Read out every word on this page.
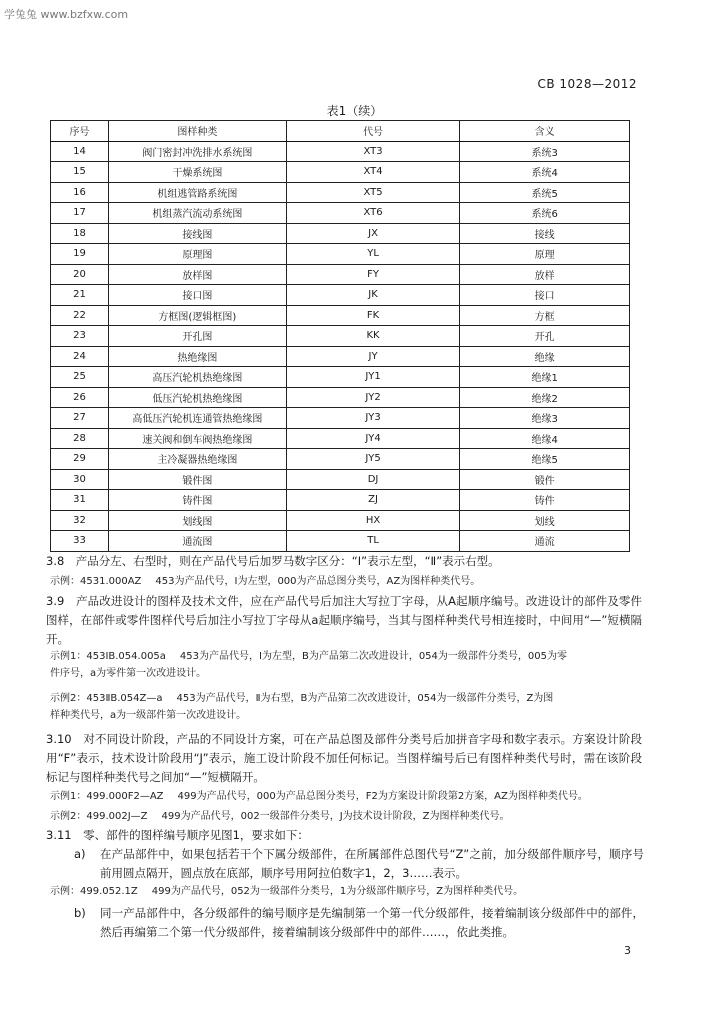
学兔兔 www.bzfxw.com
CB 1028—2012
表1（续）
序号	图样种类	代号	含义
14	阀门密封冲洗排水系统图	XT3	系统3
15	干燥系统图	XT4	系统4
16	机组逃管路系统图	XT5	系统5
17	机组蒸汽流动系统图	XT6	系统6
18	接线图	JX	接线
19	原理图	YL	原理
20	放样图	FY	放样
21	接口图	JK	接口
22	方框图(逻辑框图)	FK	方框
23	开孔图	KK	开孔
24	热绝缘图	JY	绝缘
25	高压汽轮机热绝缘图	JY1	绝缘1
26	低压汽轮机热绝缘图	JY2	绝缘2
27	高低压汽轮机连通管热绝缘图	JY3	绝缘3
28	速关阀和倒车阀热绝缘图	JY4	绝缘4
29	主冷凝器热绝缘图	JY5	绝缘5
30	锻件图	DJ	锻件
31	铸件图	ZJ	铸件
32	划线图	HX	划线
33	通流图	TL	通流
3.8　产品分左、右型时，则在产品代号后加罗马数字区分：“Ⅰ”表示左型，“Ⅱ”表示右型。
示例：4531.000AZ 453为产品代号，Ⅰ为左型，000为产品总图分类号，AZ为图样种类代号。
3.9　产品改进设计的图样及技术文件，应在产品代号后加注大写拉丁字母，从A起顺序编号。改进设计的部件及零件图样，在部件或零件图样代号后加注小写拉丁字母从a起顺序编号，当其与图样种类代号相连接时，中间用“—”短横隔开。
示例1：453ⅠB.054.005a 453为产品代号，Ⅰ为左型，B为产品第二次改进设计，054为一级部件分类号，005为零
件序号，a为零件第一次改进设计。
示例2：453ⅡB.054Z—a 453为产品代号，Ⅱ为右型，B为产品第二次改进设计，054为一级部件分类号，Z为图
样种类代号，a为一级部件第一次改进设计。
3.10　对不同设计阶段，产品的不同设计方案，可在产品总图及部件分类号后加拼音字母和数字表示。方案设计阶段用“F”表示，技术设计阶段用“J”表示，施工设计阶段不加任何标记。当图样编号后已有图样种类代号时，需在该阶段标记与图样种类代号之间加“—”短横隔开。
示例1：499.000F2—AZ 499为产品代号，000为产品总图分类号，F2为方案设计阶段第2方案，AZ为图样种类代号。
示例2：499.002J—Z 499为产品代号，002一级部件分类号，J为技术设计阶段，Z为图样种类代号。
3.11　零、部件的图样编号顺序见图1，要求如下：
a) 在产品部件中，如果包括若干个下属分级部件，在所属部件总图代号“Z”之前，加分级部件顺序号，顺序号前用圆点隔开，圆点放在底部，顺序号用阿拉伯数字1，2，3……表示。
示例：499.052.1Z 499为产品代号，052为一级部件分类号，1为分级部件顺序号，Z为图样种类代号。
b) 同一产品部件中，各分级部件的编号顺序是先编制第一个第一代分级部件，接着编制该分级部件中的部件，然后再编第二个第一代分级部件，接着编制该分级部件中的部件……，依此类推。
3
